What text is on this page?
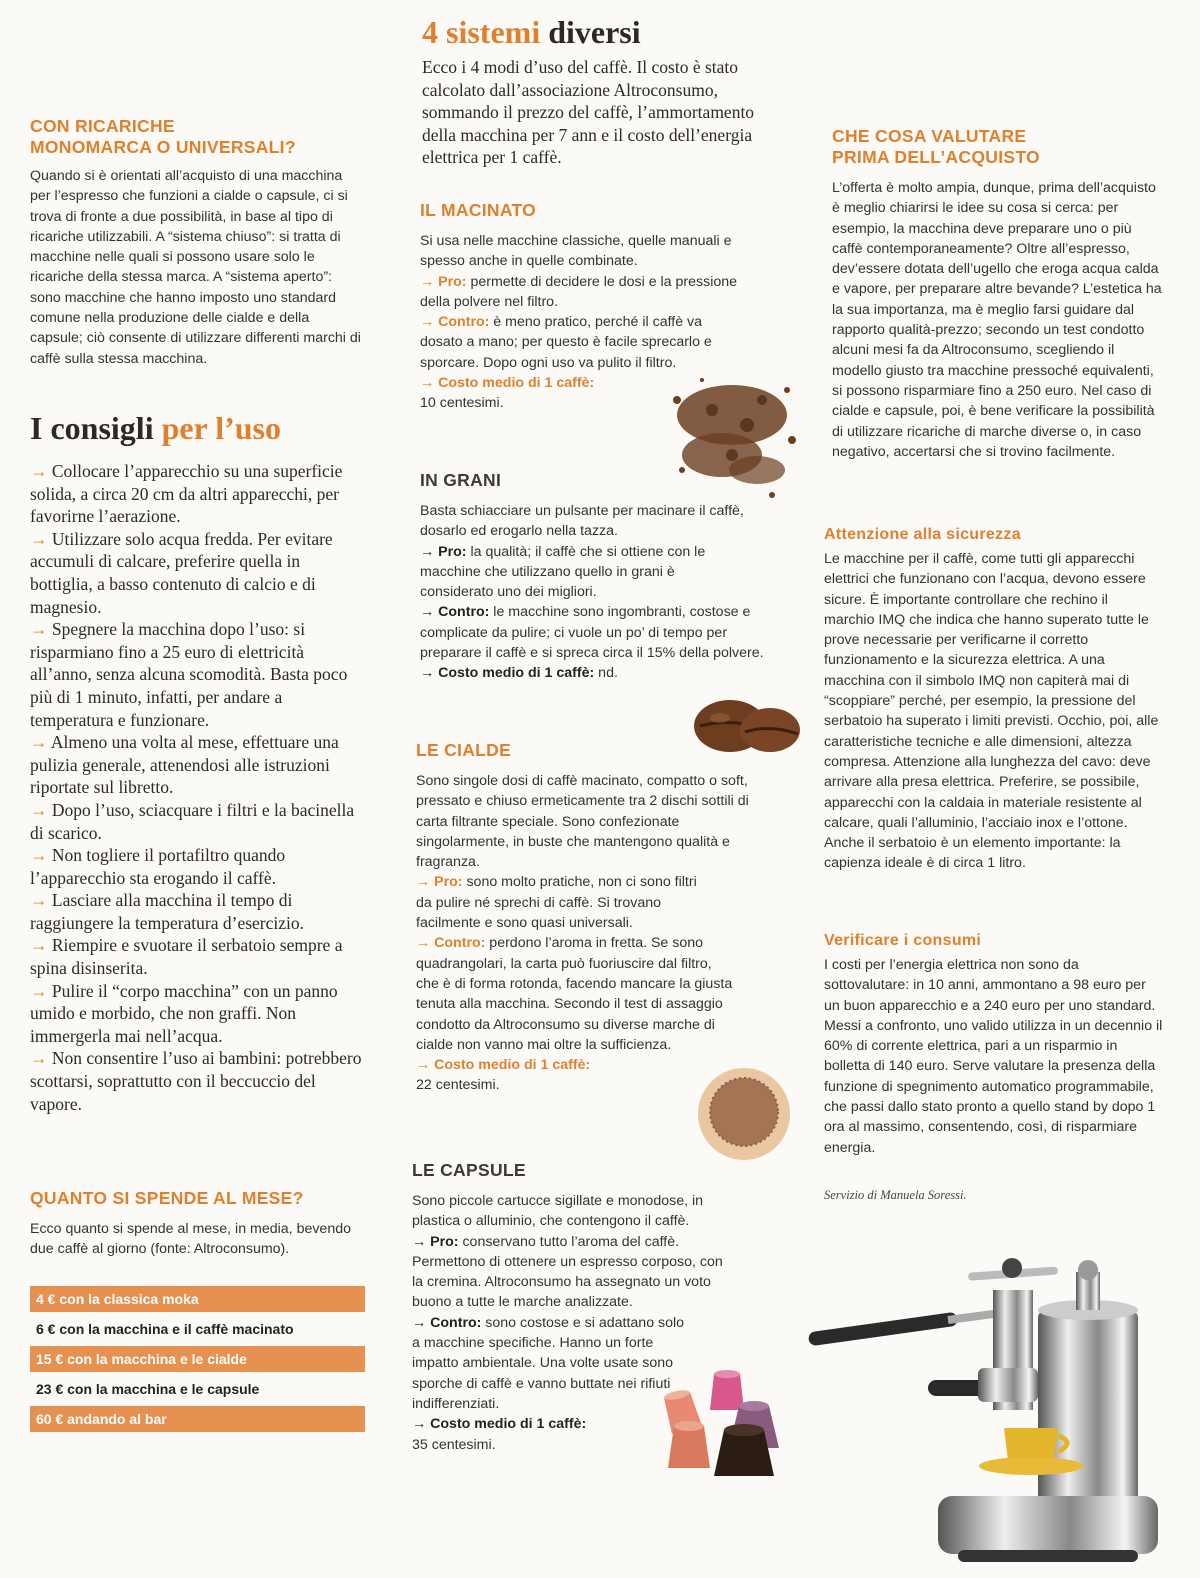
CON RICARICHE
MONOMARCA O UNIVERSALI?

Quando si è orientati all’acquisto di una macchina per l’espresso che funzioni a cialde o capsule, ci si trova di fronte a due possibilità, in base al tipo di ricariche utilizzabili. A “sistema chiuso”: si tratta di macchine nelle quali si possono usare solo le ricariche della stessa marca. A “sistema aperto”: sono macchine che hanno imposto uno standard comune nella produzione delle cialde e della capsule; ciò consente di utilizzare differenti marchi di caffè sulla stessa macchina.

I consigli per l’uso

→ Collocare l’apparecchio su una superficie solida, a circa 20 cm da altri apparecchi, per favorirne l’aerazione.

→ Utilizzare solo acqua fredda. Per evitare accumuli di calcare, preferire quella in bottiglia, a basso contenuto di calcio e di magnesio.

→ Spegnere la macchina dopo l’uso: si risparmiano fino a 25 euro di elettricità all’anno, senza alcuna scomodità. Basta poco più di 1 minuto, infatti, per andare a temperatura e funzionare.

→ Almeno una volta al mese, effettuare una pulizia generale, attenendosi alle istruzioni riportate sul libretto.

→ Dopo l’uso, sciacquare i filtri e la bacinella di scarico.

→ Non togliere il portafiltro quando l’apparecchio sta erogando il caffè.

→ Lasciare alla macchina il tempo di raggiungere la temperatura d’esercizio.

→ Riempire e svuotare il serbatoio sempre a spina disinserita.

→ Pulire il “corpo macchina” con un panno umido e morbido, che non graffi. Non immergerla mai nell’acqua.

→ Non consentire l’uso ai bambini: potrebbero scottarsi, soprattutto con il beccuccio del vapore.

QUANTO SI SPENDE AL MESE?

Ecco quanto si spende al mese, in media, bevendo due caffè al giorno (fonte: Altroconsumo).

4 € con la classica moka
6 € con la macchina e il caffè macinato
15 € con la macchina e le cialde
23 € con la macchina e le capsule
60 € andando al bar
4 sistemi diversi

Ecco i 4 modi d’uso del caffè. Il costo è stato calcolato dall’associazione Altroconsumo, sommando il prezzo del caffè, l’ammortamento della macchina per 7 ann e il costo dell’energia elettrica per 1 caffè.

IL MACINATO

Si usa nelle macchine classiche, quelle manuali e spesso anche in quelle combinate.

→ Pro: permette di decidere le dosi e la pressione della polvere nel filtro.

→ Contro: è meno pratico, perché il caffè va dosato a mano; per questo è facile sprecarlo e sporcare. Dopo ogni uso va pulito il filtro.

→ Costo medio di 1 caffè:
10 centesimi.

IN GRANI

Basta schiacciare un pulsante per macinare il caffè, dosarlo ed erogarlo nella tazza.

→ Pro: la qualità; il caffè che si ottiene con le macchine che utilizzano quello in grani è considerato uno dei migliori.

→ Contro: le macchine sono ingombranti, costose e complicate da pulire; ci vuole un po’ di tempo per preparare il caffè e si spreca circa il 15% della polvere.

→ Costo medio di 1 caffè: nd.

LE CIALDE

Sono singole dosi di caffè macinato, compatto o soft, pressato e chiuso ermeticamente tra 2 dischi sottili di carta filtrante speciale. Sono confezionate singolarmente, in buste che mantengono qualità e fragranza.

→ Pro: sono molto pratiche, non ci sono filtri da pulire né sprechi di caffè. Si trovano facilmente e sono quasi universali.

→ Contro: perdono l’aroma in fretta. Se sono quadrangolari, la carta può fuoriuscire dal filtro, che è di forma rotonda, facendo mancare la giusta tenuta alla macchina. Secondo il test di assaggio condotto da Altroconsumo su diverse marche di cialde non vanno mai oltre la sufficienza.

→ Costo medio di 1 caffè:
22 centesimi.

LE CAPSULE

Sono piccole cartucce sigillate e monodose, in plastica o alluminio, che contengono il caffè.

→ Pro: conservano tutto l’aroma del caffè. Permettono di ottenere un espresso corposo, con la cremina. Altroconsumo ha assegnato un voto buono a tutte le marche analizzate.

→ Contro: sono costose e si adattano solo a macchine specifiche. Hanno un forte impatto ambientale. Una volte usate sono sporche di caffè e vanno buttate nei rifiuti indifferenziati.

→ Costo medio di 1 caffè:
35 centesimi.

CHE COSA VALUTARE
PRIMA DELL’ACQUISTO

L’offerta è molto ampia, dunque, prima dell’acquisto è meglio chiarirsi le idee su cosa si cerca: per esempio, la macchina deve preparare uno o più caffè contemporaneamente? Oltre all’espresso, dev’essere dotata dell’ugello che eroga acqua calda e vapore, per preparare altre bevande? L’estetica ha la sua importanza, ma è meglio farsi guidare dal rapporto qualità-prezzo; secondo un test condotto alcuni mesi fa da Altroconsumo, scegliendo il modello giusto tra macchine pressoché equivalenti, si possono risparmiare fino a 250 euro. Nel caso di cialde e capsule, poi, è bene verificare la possibilità di utilizzare ricariche di marche diverse o, in caso negativo, accertarsi che si trovino facilmente.

Attenzione alla sicurezza

Le macchine per il caffè, come tutti gli apparecchi elettrici che funzionano con l’acqua, devono essere sicure. È importante controllare che rechino il marchio IMQ che indica che hanno superato tutte le prove necessarie per verificarne il corretto funzionamento e la sicurezza elettrica. A una macchina con il simbolo IMQ non capiterà mai di “scoppiare” perché, per esempio, la pressione del serbatoio ha superato i limiti previsti. Occhio, poi, alle caratteristiche tecniche e alle dimensioni, altezza compresa. Attenzione alla lunghezza del cavo: deve arrivare alla presa elettrica. Preferire, se possibile, apparecchi con la caldaia in materiale resistente al calcare, quali l’alluminio, l’acciaio inox e l’ottone. Anche il serbatoio è un elemento importante: la capienza ideale è di circa 1 litro.

Verificare i consumi

I costi per l’energia elettrica non sono da sottovalutare: in 10 anni, ammontano a 98 euro per un buon apparecchio e a 240 euro per uno standard. Messi a confronto, uno valido utilizza in un decennio il 60% di corrente elettrica, pari a un risparmio in bolletta di 140 euro. Serve valutare la presenza della funzione di spegnimento automatico programmabile, che passi dallo stato pronto a quello stand by dopo 1 ora al massimo, consentendo, così, di risparmiare energia.

Servizio di Manuela Soressi.
